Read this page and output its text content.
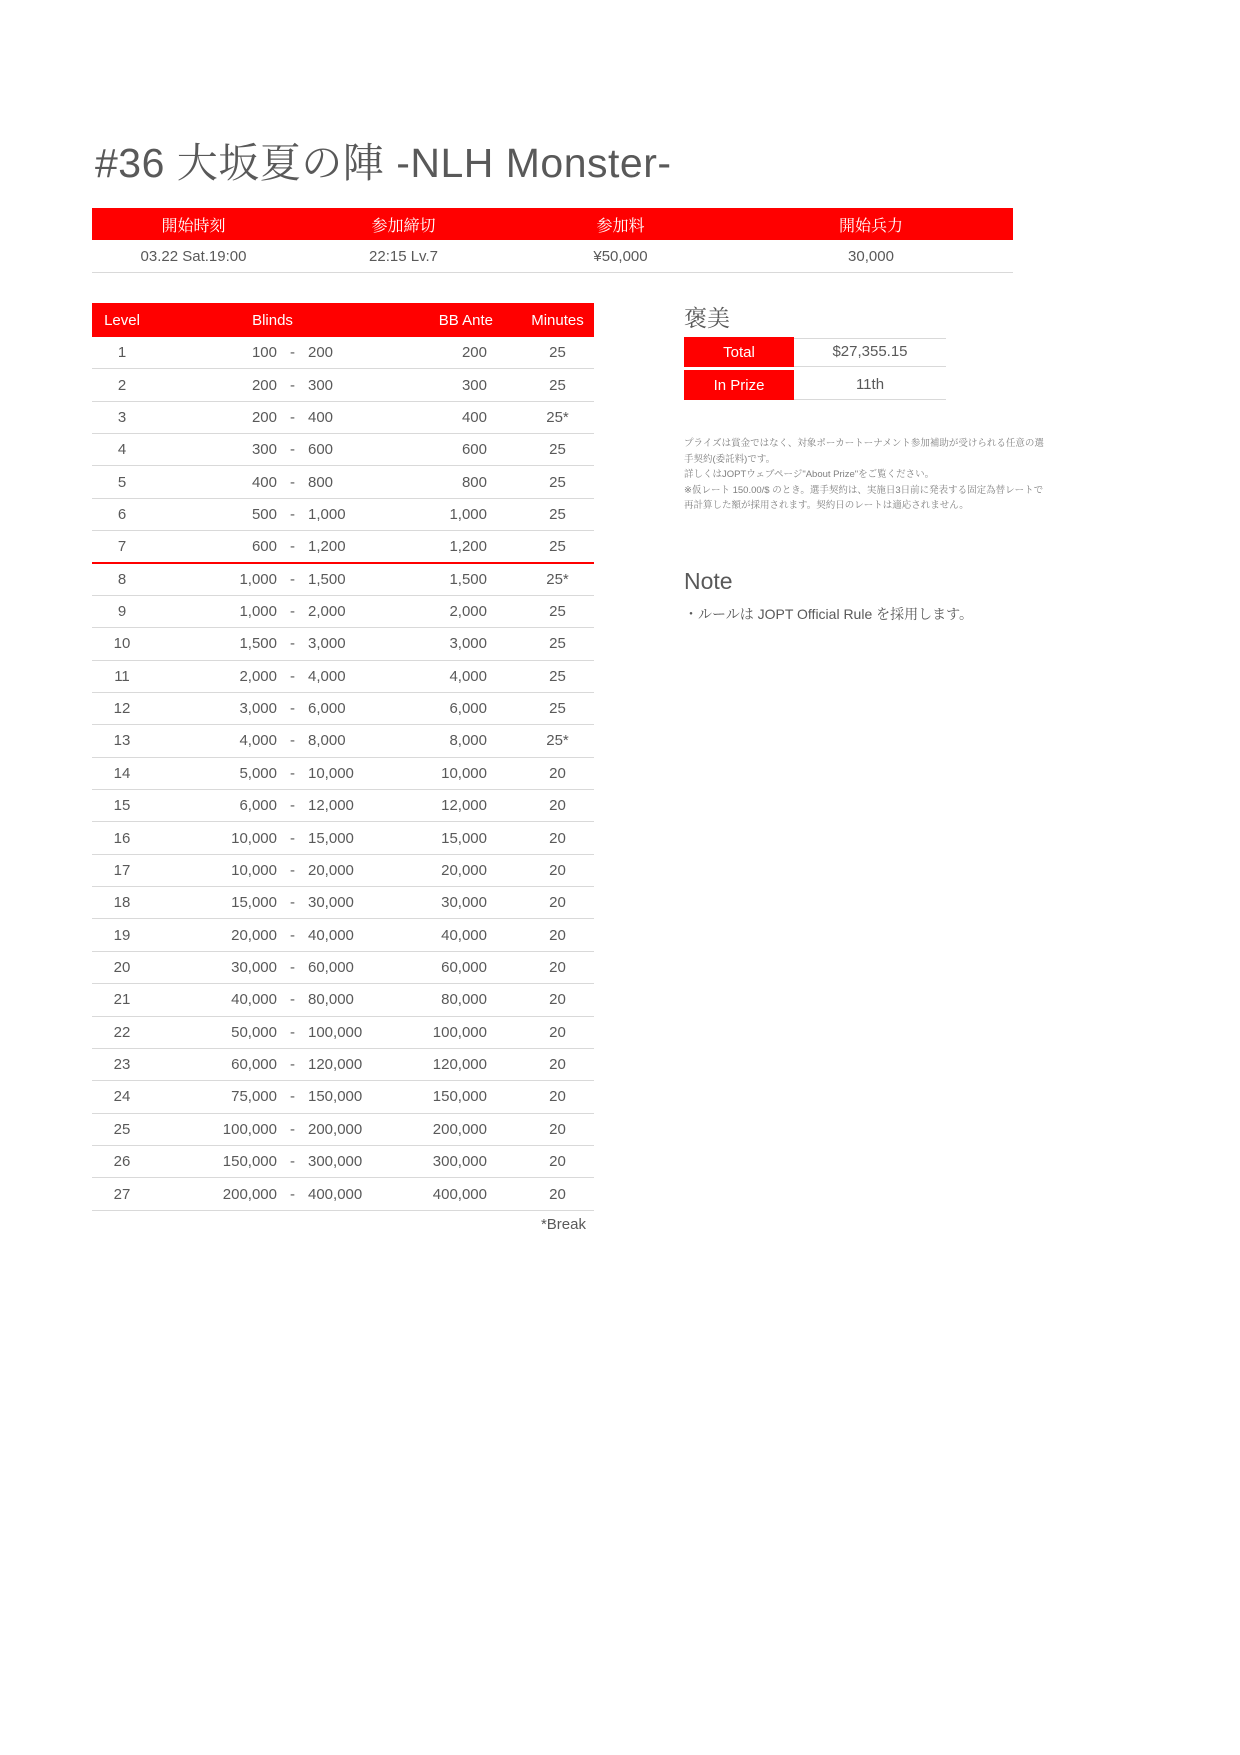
#36 大坂夏の陣 -NLH Monster-
開始時刻	参加締切	参加料	開始兵力
03.22 Sat.19:00	22:15 Lv.7	¥50,000	30,000
Level	Blinds	BB Ante	Minutes
1	100 - 200	200	25
2	200 - 300	300	25
3	200 - 400	400	25*
4	300 - 600	600	25
5	400 - 800	800	25
6	500 - 1,000	1,000	25
7	600 - 1,200	1,200	25
8	1,000 - 1,500	1,500	25*
9	1,000 - 2,000	2,000	25
10	1,500 - 3,000	3,000	25
11	2,000 - 4,000	4,000	25
12	3,000 - 6,000	6,000	25
13	4,000 - 8,000	8,000	25*
14	5,000 - 10,000	10,000	20
15	6,000 - 12,000	12,000	20
16	10,000 - 15,000	15,000	20
17	10,000 - 20,000	20,000	20
18	15,000 - 30,000	30,000	20
19	20,000 - 40,000	40,000	20
20	30,000 - 60,000	60,000	20
21	40,000 - 80,000	80,000	20
22	50,000 - 100,000	100,000	20
23	60,000 - 120,000	120,000	20
24	75,000 - 150,000	150,000	20
25	100,000 - 200,000	200,000	20
26	150,000 - 300,000	300,000	20
27	200,000 - 400,000	400,000	20
*Break
褒美
Total	$27,355.15
In Prize	11th
プライズは賞金ではなく、対象ポーカートーナメント参加補助が受けられる任意の選
手契約(委託料)です。
詳しくはJOPTウェブページ"About Prize"をご覧ください。
※仮レート 150.00/$ のとき。選手契約は、実施日3日前に発表する固定為替レートで
再計算した額が採用されます。契約日のレートは適応されません。
Note
・ルールは JOPT Official Rule を採用します。
